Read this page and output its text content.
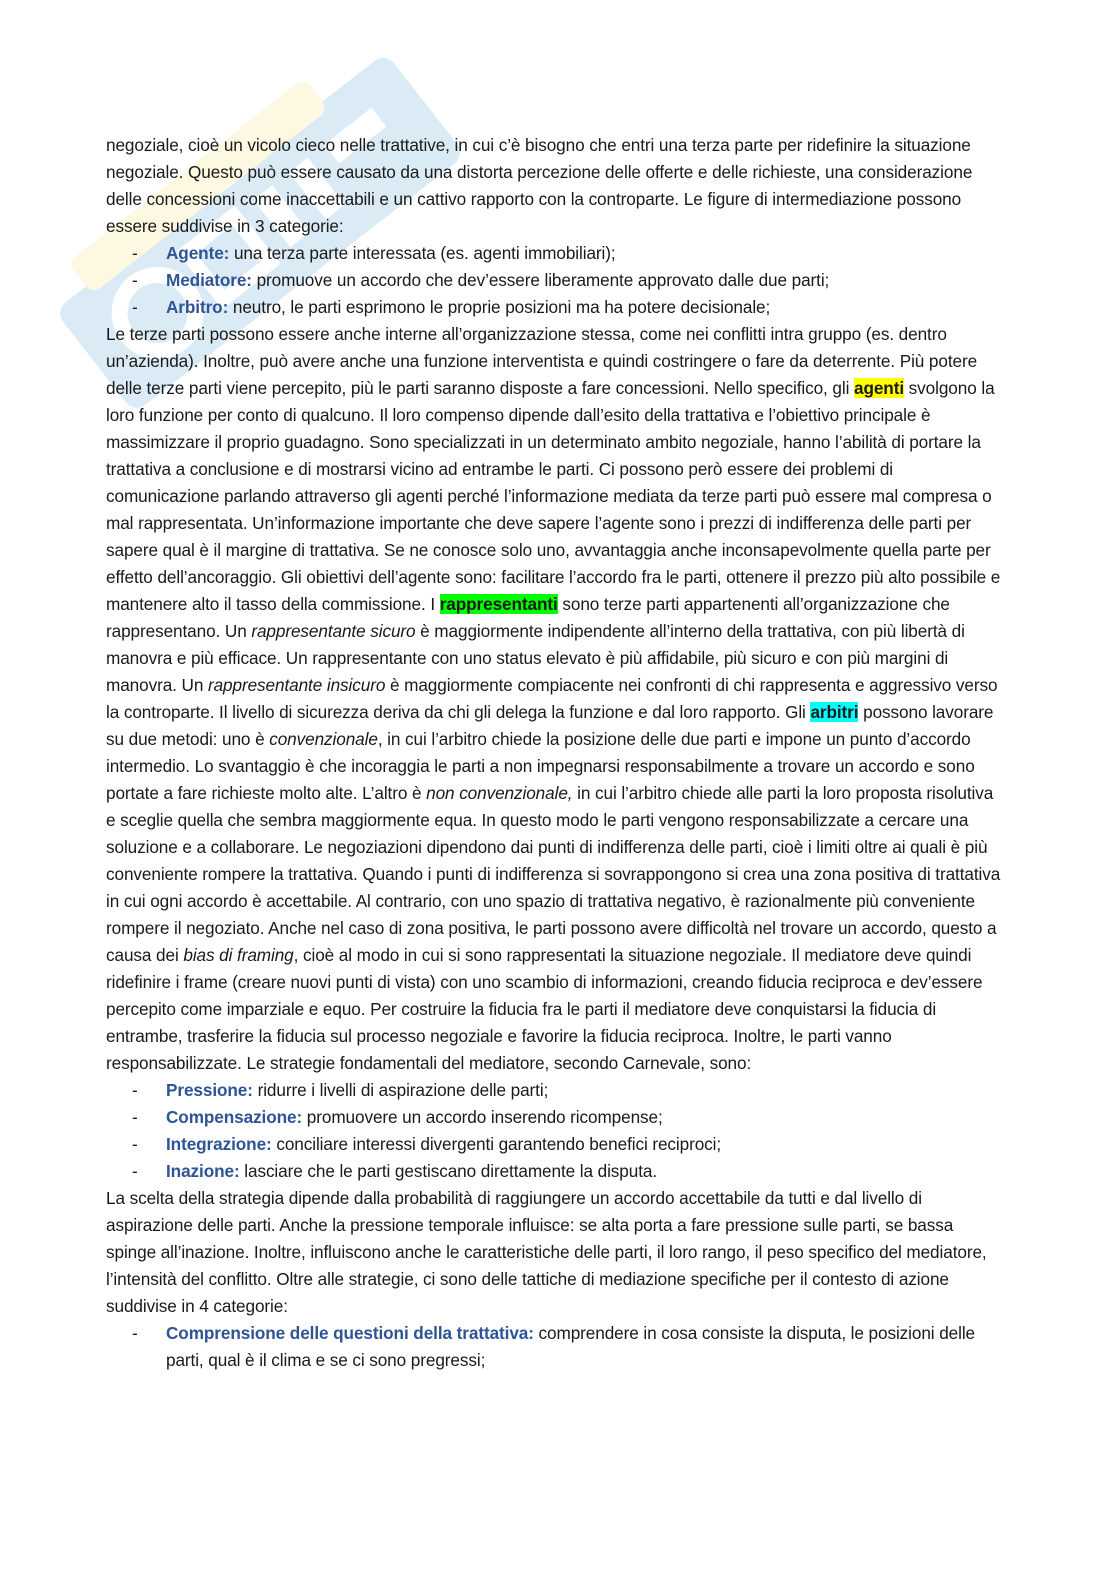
negoziale, cioè un vicolo cieco nelle trattative, in cui c’è bisogno che entri una terza parte per ridefinire la situazione negoziale. Questo può essere causato da una distorta percezione delle offerte e delle richieste, una considerazione delle concessioni come inaccettabili e un cattivo rapporto con la controparte. Le figure di intermediazione possono essere suddivise in 3 categorie:

- Agente: una terza parte interessata (es. agenti immobiliari);
- Mediatore: promuove un accordo che dev’essere liberamente approvato dalle due parti;
- Arbitro: neutro, le parti esprimono le proprie posizioni ma ha potere decisionale;

Le terze parti possono essere anche interne all’organizzazione stessa, come nei conflitti intra gruppo (es. dentro un’azienda). Inoltre, può avere anche una funzione interventista e quindi costringere o fare da deterrente. Più potere delle terze parti viene percepito, più le parti saranno disposte a fare concessioni. Nello specifico, gli agenti svolgono la loro funzione per conto di qualcuno. Il loro compenso dipende dall’esito della trattativa e l’obiettivo principale è massimizzare il proprio guadagno. Sono specializzati in un determinato ambito negoziale, hanno l’abilità di portare la trattativa a conclusione e di mostrarsi vicino ad entrambe le parti. Ci possono però essere dei problemi di comunicazione parlando attraverso gli agenti perché l’informazione mediata da terze parti può essere mal compresa o mal rappresentata. Un’informazione importante che deve sapere l’agente sono i prezzi di indifferenza delle parti per sapere qual è il margine di trattativa. Se ne conosce solo uno, avvantaggia anche inconsapevolmente quella parte per effetto dell’ancoraggio. Gli obiettivi dell’agente sono: facilitare l’accordo fra le parti, ottenere il prezzo più alto possibile e mantenere alto il tasso della commissione. I rappresentanti sono terze parti appartenenti all’organizzazione che rappresentano. Un rappresentante sicuro è maggiormente indipendente all’interno della trattativa, con più libertà di manovra e più efficace. Un rappresentante con uno status elevato è più affidabile, più sicuro e con più margini di manovra. Un rappresentante insicuro è maggiormente compiacente nei confronti di chi rappresenta e aggressivo verso la controparte. Il livello di sicurezza deriva da chi gli delega la funzione e dal loro rapporto. Gli arbitri possono lavorare su due metodi: uno è convenzionale, in cui l’arbitro chiede la posizione delle due parti e impone un punto d’accordo intermedio. Lo svantaggio è che incoraggia le parti a non impegnarsi responsabilmente a trovare un accordo e sono portate a fare richieste molto alte. L’altro è non convenzionale, in cui l’arbitro chiede alle parti la loro proposta risolutiva e sceglie quella che sembra maggiormente equa. In questo modo le parti vengono responsabilizzate a cercare una soluzione e a collaborare. Le negoziazioni dipendono dai punti di indifferenza delle parti, cioè i limiti oltre ai quali è più conveniente rompere la trattativa. Quando i punti di indifferenza si sovrappongono si crea una zona positiva di trattativa in cui ogni accordo è accettabile. Al contrario, con uno spazio di trattativa negativo, è razionalmente più conveniente rompere il negoziato. Anche nel caso di zona positiva, le parti possono avere difficoltà nel trovare un accordo, questo a causa dei bias di framing, cioè al modo in cui si sono rappresentati la situazione negoziale. Il mediatore deve quindi ridefinire i frame (creare nuovi punti di vista) con uno scambio di informazioni, creando fiducia reciproca e dev’essere percepito come imparziale e equo. Per costruire la fiducia fra le parti il mediatore deve conquistarsi la fiducia di entrambe, trasferire la fiducia sul processo negoziale e favorire la fiducia reciproca. Inoltre, le parti vanno responsabilizzate. Le strategie fondamentali del mediatore, secondo Carnevale, sono:

- Pressione: ridurre i livelli di aspirazione delle parti;
- Compensazione: promuovere un accordo inserendo ricompense;
- Integrazione: conciliare interessi divergenti garantendo benefici reciproci;
- Inazione: lasciare che le parti gestiscano direttamente la disputa.

La scelta della strategia dipende dalla probabilità di raggiungere un accordo accettabile da tutti e dal livello di aspirazione delle parti. Anche la pressione temporale influisce: se alta porta a fare pressione sulle parti, se bassa spinge all’inazione. Inoltre, influiscono anche le caratteristiche delle parti, il loro rango, il peso specifico del mediatore, l’intensità del conflitto. Oltre alle strategie, ci sono delle tattiche di mediazione specifiche per il contesto di azione suddivise in 4 categorie:

- Comprensione delle questioni della trattativa: comprendere in cosa consiste la disputa, le posizioni delle parti, qual è il clima e se ci sono pregressi;
